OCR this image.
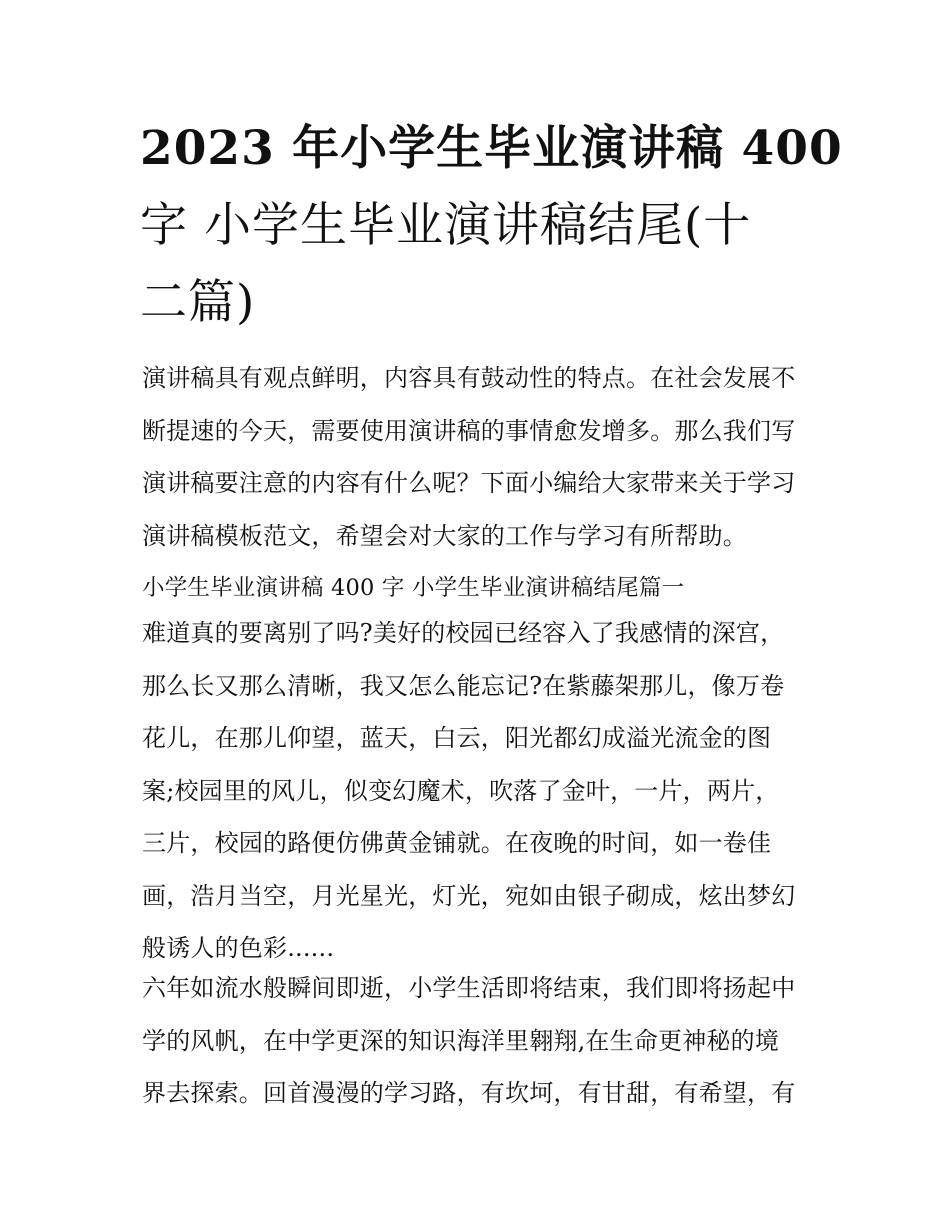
2023 年小学生毕业演讲稿 400
字 小学生毕业演讲稿结尾(十
二篇)
演讲稿具有观点鲜明，内容具有鼓动性的特点。在社会发展不
断提速的今天，需要使用演讲稿的事情愈发增多。那么我们写
演讲稿要注意的内容有什么呢？下面小编给大家带来关于学习
演讲稿模板范文，希望会对大家的工作与学习有所帮助。
小学生毕业演讲稿 400 字 小学生毕业演讲稿结尾篇一
难道真的要离别了吗?美好的校园已经容入了我感情的深宫，
那么长又那么清晰，我又怎么能忘记?在紫藤架那儿，像万卷
花儿，在那儿仰望，蓝天，白云，阳光都幻成溢光流金的图
案;校园里的风儿，似变幻魔术，吹落了金叶，一片，两片，
三片，校园的路便仿佛黄金铺就。在夜晚的时间，如一卷佳
画，浩月当空，月光星光，灯光，宛如由银子砌成，炫出梦幻
般诱人的色彩......
六年如流水般瞬间即逝，小学生活即将结束，我们即将扬起中
学的风帆，在中学更深的知识海洋里翱翔,在生命更神秘的境
界去探索。回首漫漫的学习路，有坎坷，有甘甜，有希望，有
